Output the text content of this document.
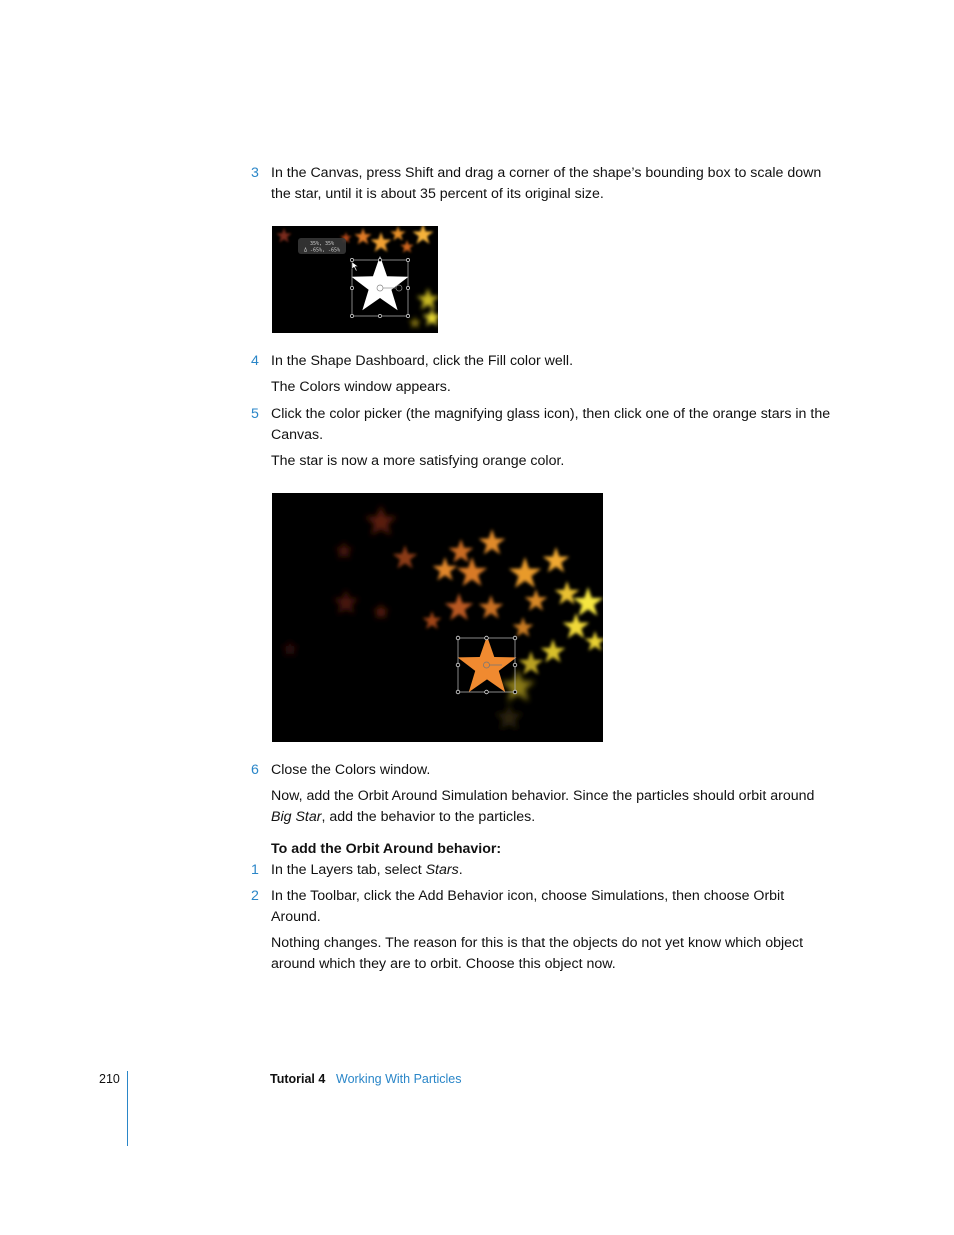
3 In the Canvas, press Shift and drag a corner of the shape’s bounding box to scale down the star, until it is about 35 percent of its original size.
35%, 35%
Δ -65%, -65%
4 In the Shape Dashboard, click the Fill color well.
The Colors window appears.
5 Click the color picker (the magnifying glass icon), then click one of the orange stars in the Canvas.
The star is now a more satisfying orange color.
6 Close the Colors window.
Now, add the Orbit Around Simulation behavior. Since the particles should orbit around Big Star, add the behavior to the particles.
To add the Orbit Around behavior:
1 In the Layers tab, select Stars.
2 In the Toolbar, click the Add Behavior icon, choose Simulations, then choose Orbit Around.
Nothing changes. The reason for this is that the objects do not yet know which object around which they are to orbit. Choose this object now.
210	Tutorial 4 Working With Particles
